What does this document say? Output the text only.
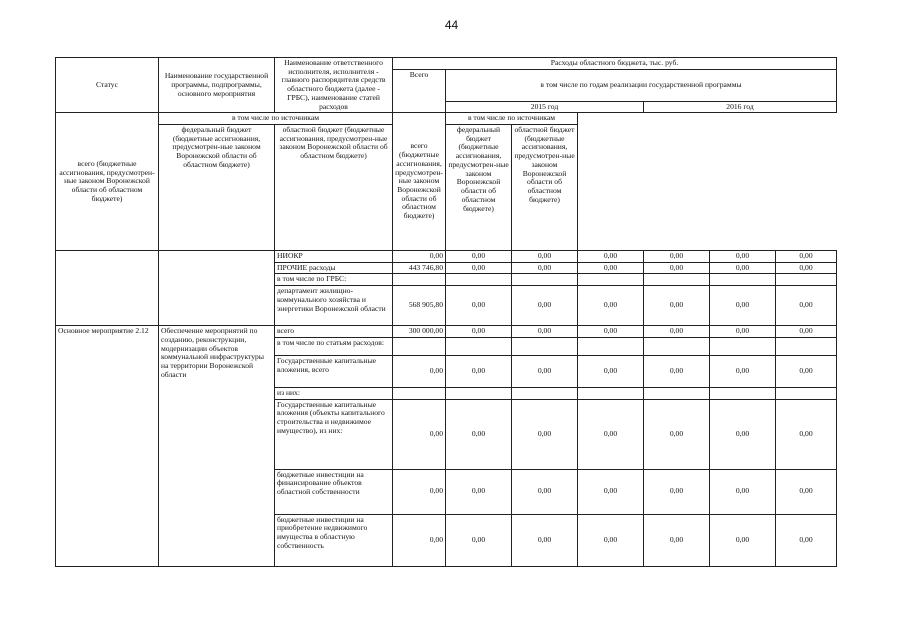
44
Статус	Наименование государственной программы, подпрограммы, основного мероприятия	Наименование ответственного исполнителя, исполнителя - главного распорядителя средств областного бюджета (далее - ГРБС), наименование статей расходов	Расходы областного бюджета, тыс. руб.						
			Всего	в том числе по годам реализации государственной программы					
				2015 год			2016 год		
всего (бюджетные ассигнования, предусмотрен-ные законом Воронежской области об областном бюджете)	в том числе по источникам		всего (бюджетные ассигнования, предусмотрен-ные законом Воронежской области об областном бюджете)	в том числе по источникам					
	федеральный бюджет (бюджетные ассигнования, предусмотрен-ные законом Воронежской области об областном бюджете)	областной бюджет (бюджетные ассигнования, предусмотрен-ные законом Воронежской области об областном бюджете)		федеральный бюджет (бюджетные ассигнования, предусмотрен-ные законом Воронежской области об областном бюджете)	областной бюджет (бюджетные ассигнования, предусмотрен-ные законом Воронежской области об областном бюджете)				
		НИОКР	0,00	0,00	0,00	0,00	0,00	0,00	0,00
		ПРОЧИЕ расходы	443 746,80	0,00	0,00	0,00	0,00	0,00	0,00
		в том числе по ГРБС:							
		департамент жилищно-коммунального хозяйства и энергетики Воронежской области	568 905,80	0,00	0,00	0,00	0,00	0,00	0,00
Основное мероприятие 2.12	Обеспечение мероприятий по созданию, реконструкции, модернизации объектов коммунальной инфраструктуры на территории Воронежской области	всего	300 000,00	0,00	0,00	0,00	0,00	0,00	0,00
		в том числе по статьям расходов:							
		Государственные капитальные вложения, всего	0,00	0,00	0,00	0,00	0,00	0,00	0,00
		из них:							
		Государственные капитальные вложения (объекты капитального строительства и недвижимое имущество), из них:	0,00	0,00	0,00	0,00	0,00	0,00	0,00
		бюджетные инвестиции на финансирование объектов областной собственности	0,00	0,00	0,00	0,00	0,00	0,00	0,00
		бюджетные инвестиции на приобретение недвижимого имущества в областную собственность	0,00	0,00	0,00	0,00	0,00	0,00	0,00
